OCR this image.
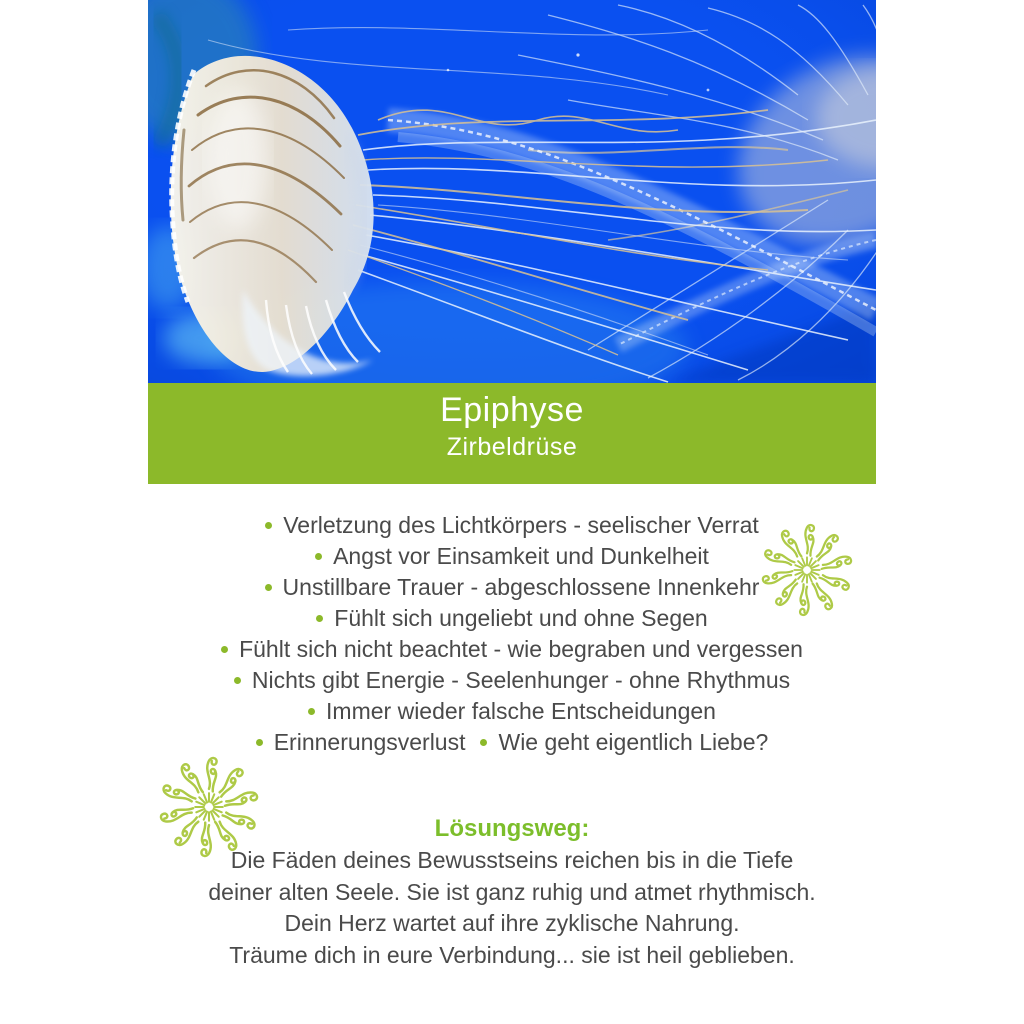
Epiphyse
Zirbeldrüse
Verletzung des Lichtkörpers - seelischer Verrat
Angst vor Einsamkeit und Dunkelheit
Unstillbare Trauer - abgeschlossene Innenkehr
Fühlt sich ungeliebt und ohne Segen
Fühlt sich nicht beachtet - wie begraben und vergessen
Nichts gibt Energie - Seelenhunger - ohne Rhythmus
Immer wieder falsche Entscheidungen
Erinnerungsverlust Wie geht eigentlich Liebe?
Lösungsweg:
Die Fäden deines Bewusstseins reichen bis in die Tiefe
deiner alten Seele. Sie ist ganz ruhig und atmet rhythmisch.
Dein Herz wartet auf ihre zyklische Nahrung.
Träume dich in eure Verbindung... sie ist heil geblieben.
